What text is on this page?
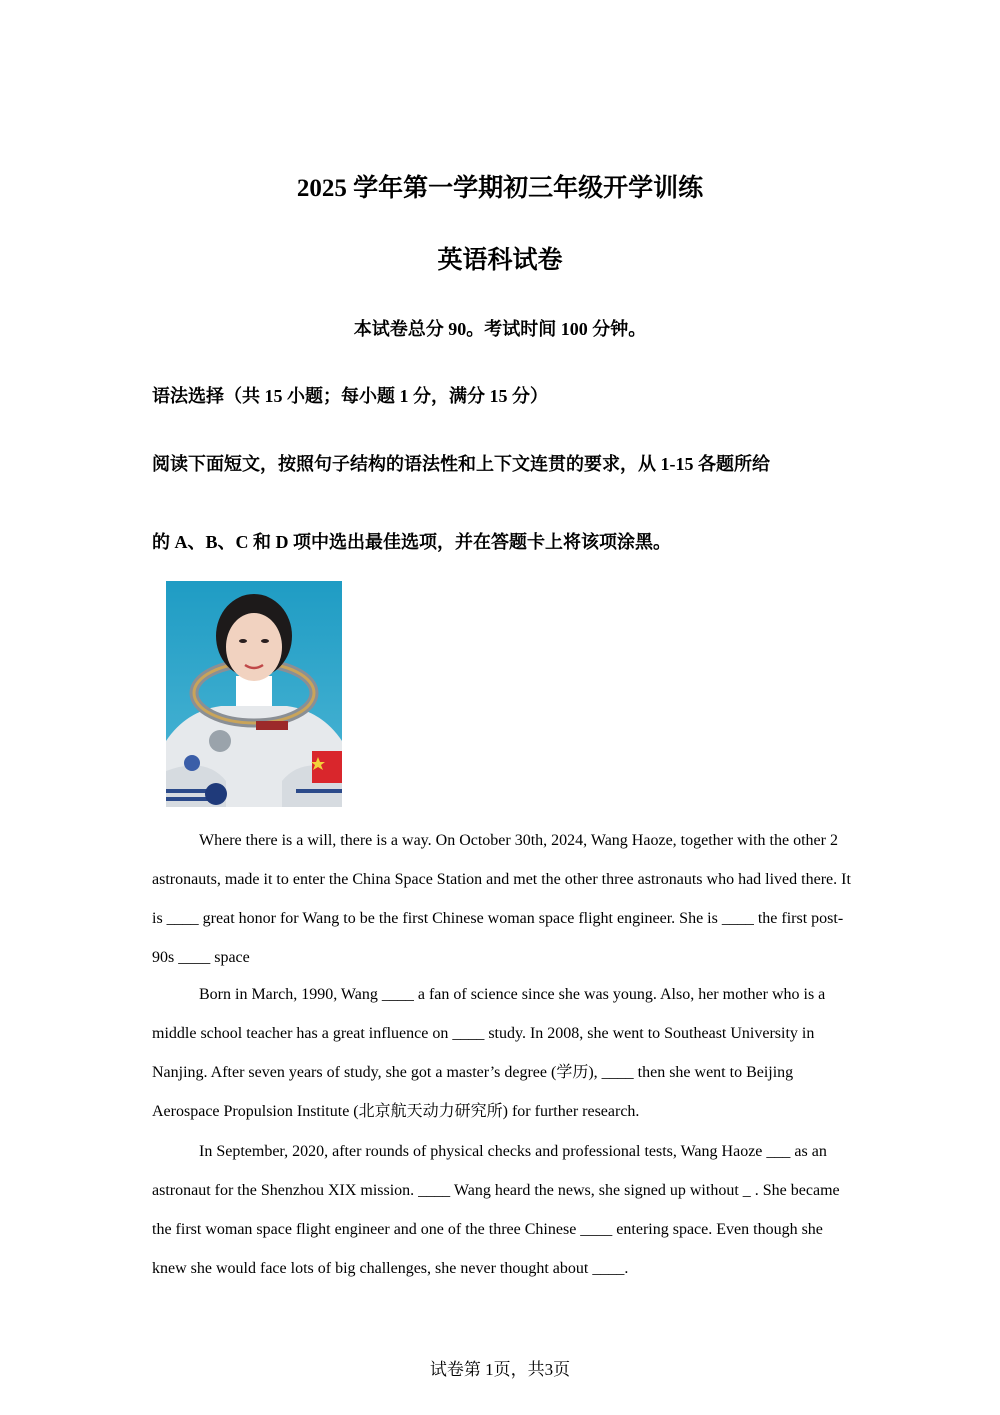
2025 学年第一学期初三年级开学训练
英语科试卷

本试卷总分 90。考试时间 100 分钟。

语法选择（共 15 小题；每小题 1 分，满分 15 分）

阅读下面短文，按照句子结构的语法性和上下文连贯的要求，从 1-15 各题所给

的 A、B、C 和 D 项中选出最佳选项，并在答题卡上将该项涂黑。

Where there is a will, there is a way. On October 30th, 2024, Wang Haoze, together with the other 2 astronauts, made it to enter the China Space Station and met the other three astronauts who had lived there. It is ____ great honor for Wang to be the first Chinese woman space flight engineer. She is ____ the first post-90s ____ space

Born in March, 1990, Wang ____ a fan of science since she was young. Also, her mother who is a middle school teacher has a great influence on ____ study. In 2008, she went to Southeast University in Nanjing. After seven years of study, she got a master’s degree (学历), ____ then she went to Beijing Aerospace Propulsion Institute (北京航天动力研究所) for further research.

In September, 2020, after rounds of physical checks and professional tests, Wang Haoze ___ as an astronaut for the Shenzhou XIX mission. ____ Wang heard the news, she signed up without _ . She became the first woman space flight engineer and one of the three Chinese ____ entering space. Even though she knew she would face lots of big challenges, she never thought about ____.

试卷第 1页，共3页
